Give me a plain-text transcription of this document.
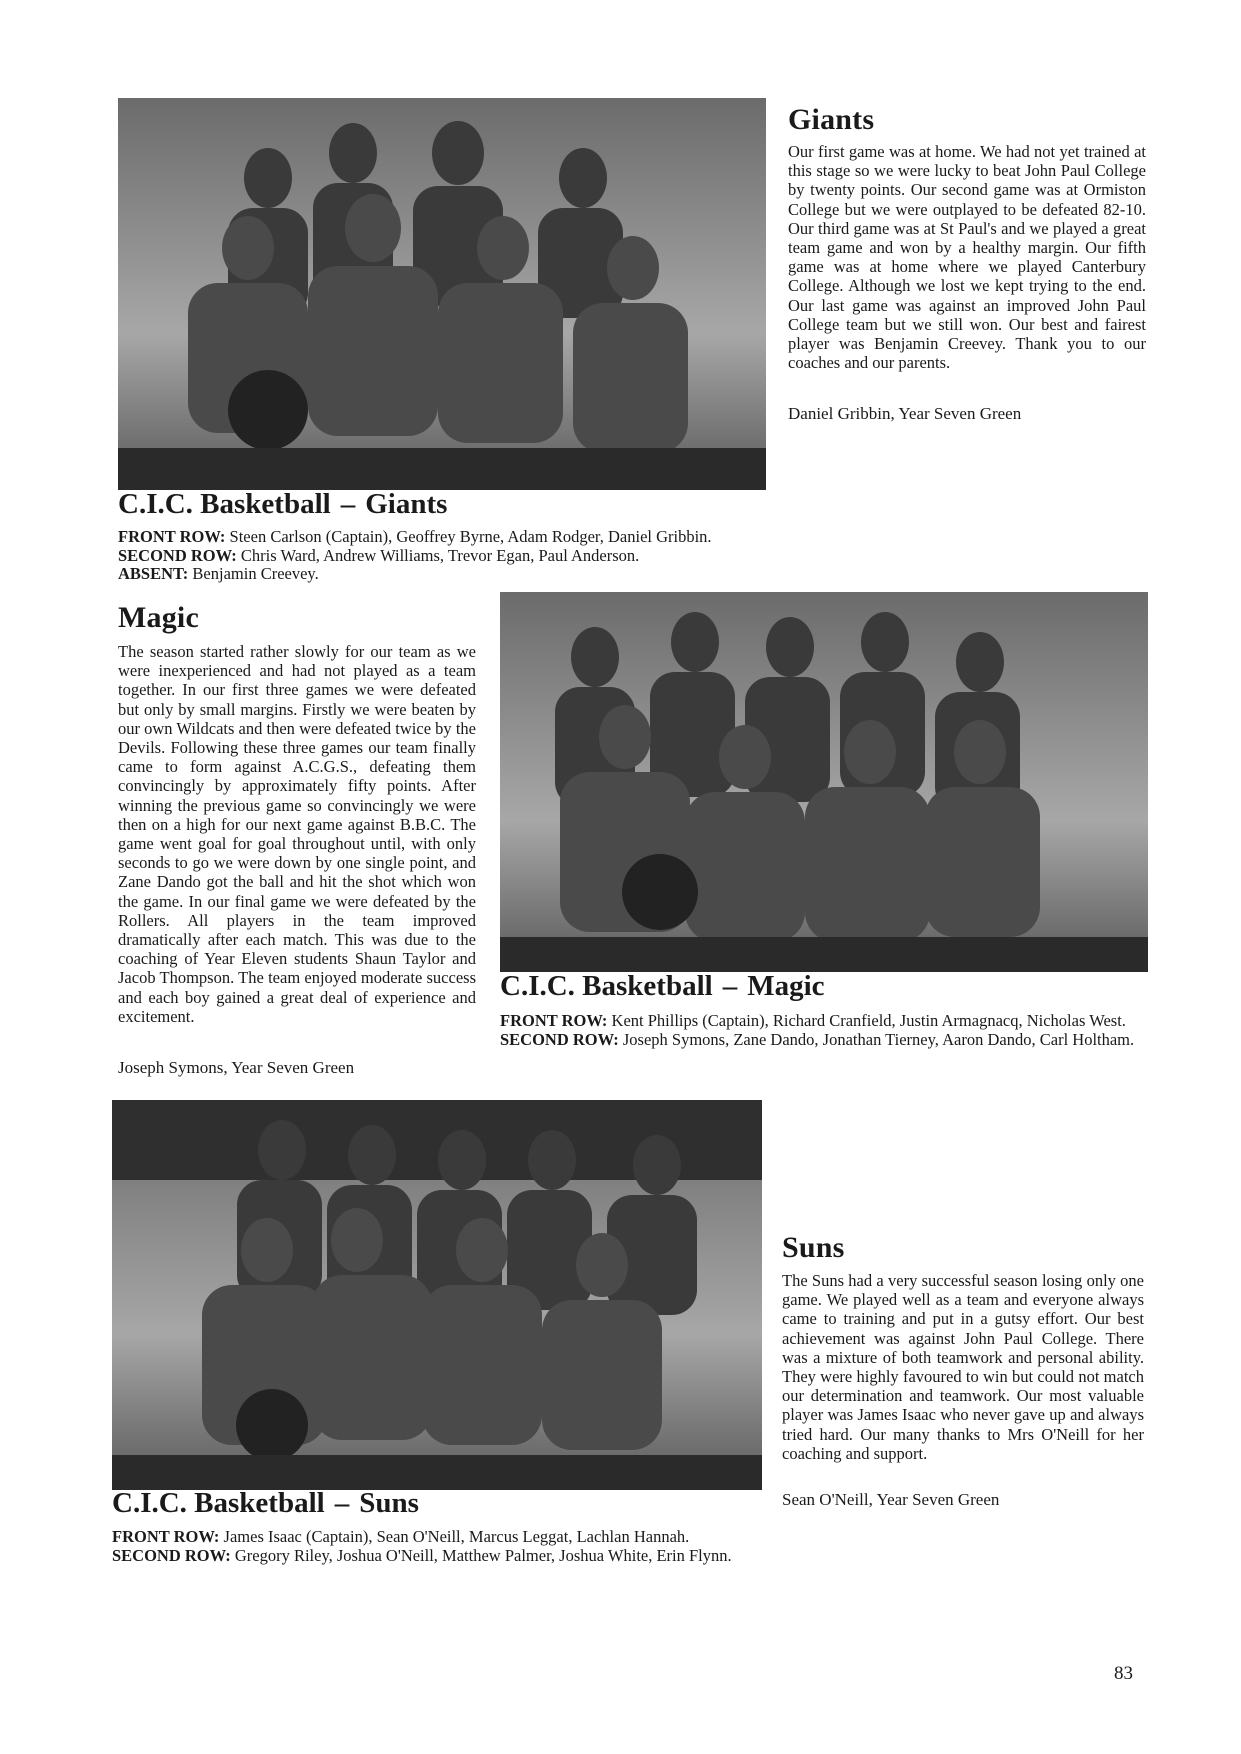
Giants

Our first game was at home. We had not yet trained at this stage so we were lucky to beat John Paul College by twenty points. Our second game was at Ormiston College but we were outplayed to be defeated 82-10. Our third game was at St Paul's and we played a great team game and won by a healthy margin. Our fifth game was at home where we played Canterbury College. Although we lost we kept trying to the end. Our last game was against an improved John Paul College team but we still won. Our best and fairest player was Benjamin Creevey. Thank you to our coaches and our parents.

Daniel Gribbin, Year Seven Green

C.I.C. Basketball – Giants
FRONT ROW: Steen Carlson (Captain), Geoffrey Byrne, Adam Rodger, Daniel Gribbin.
SECOND ROW: Chris Ward, Andrew Williams, Trevor Egan, Paul Anderson.
ABSENT: Benjamin Creevey.
Magic

The season started rather slowly for our team as we were inexperienced and had not played as a team together. In our first three games we were defeated but only by small margins. Firstly we were beaten by our own Wildcats and then were defeated twice by the Devils. Following these three games our team finally came to form against A.C.G.S., defeating them convincingly by approximately fifty points. After winning the previous game so convincingly we were then on a high for our next game against B.B.C. The game went goal for goal throughout until, with only seconds to go we were down by one single point, and Zane Dando got the ball and hit the shot which won the game. In our final game we were defeated by the Rollers. All players in the team improved dramatically after each match. This was due to the coaching of Year Eleven students Shaun Taylor and Jacob Thompson. The team enjoyed moderate success and each boy gained a great deal of experience and excitement.

Joseph Symons, Year Seven Green

C.I.C. Basketball – Magic
FRONT ROW: Kent Phillips (Captain), Richard Cranfield, Justin Armagnacq, Nicholas West.
SECOND ROW: Joseph Symons, Zane Dando, Jonathan Tierney, Aaron Dando, Carl Holtham.
Suns

The Suns had a very successful season losing only one game. We played well as a team and everyone always came to training and put in a gutsy effort. Our best achievement was against John Paul College. There was a mixture of both teamwork and personal ability. They were highly favoured to win but could not match our determination and teamwork. Our most valuable player was James Isaac who never gave up and always tried hard. Our many thanks to Mrs O'Neill for her coaching and support.

Sean O'Neill, Year Seven Green

C.I.C. Basketball – Suns
FRONT ROW: James Isaac (Captain), Sean O'Neill, Marcus Leggat, Lachlan Hannah.
SECOND ROW: Gregory Riley, Joshua O'Neill, Matthew Palmer, Joshua White, Erin Flynn.
83
